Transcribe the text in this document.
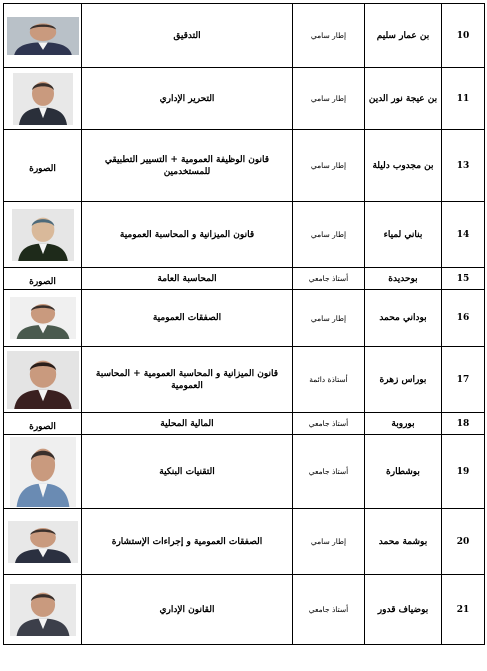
	التدقيق	إطار سامي	بن عمار سليم	10

	التحرير الإداري	إطار سامي	بن عيجة نور الدين	11
الصورة	قانون الوظيفة العمومية + التسيير التطبيقي للمستخدمين	إطار سامي	بن مجدوب دليلة	13

	قانون الميزانية و المحاسبة العمومية	إطار سامي	بناني لمياء	14
الصورة	المحاسبة العامة	أستاذ جامعي	بوحديدة	15

	الصفقات العمومية	إطار سامي	بوداني محمد	16

	قانون الميزانية و المحاسبة العمومية + المحاسبة العمومية	أستاذة دائمة	بوراس زهرة	17
الصورة	المالية المحلية	أستاذ جامعي	بوروبة	18

	التقنيات البنكية	أستاذ جامعي	بوشطارة	19

	الصفقات العمومية و إجراءات الإستشارة	إطار سامي	بوشمة محمد	20

	القانون الإداري	أستاذ جامعي	بوضياف قدور	21
